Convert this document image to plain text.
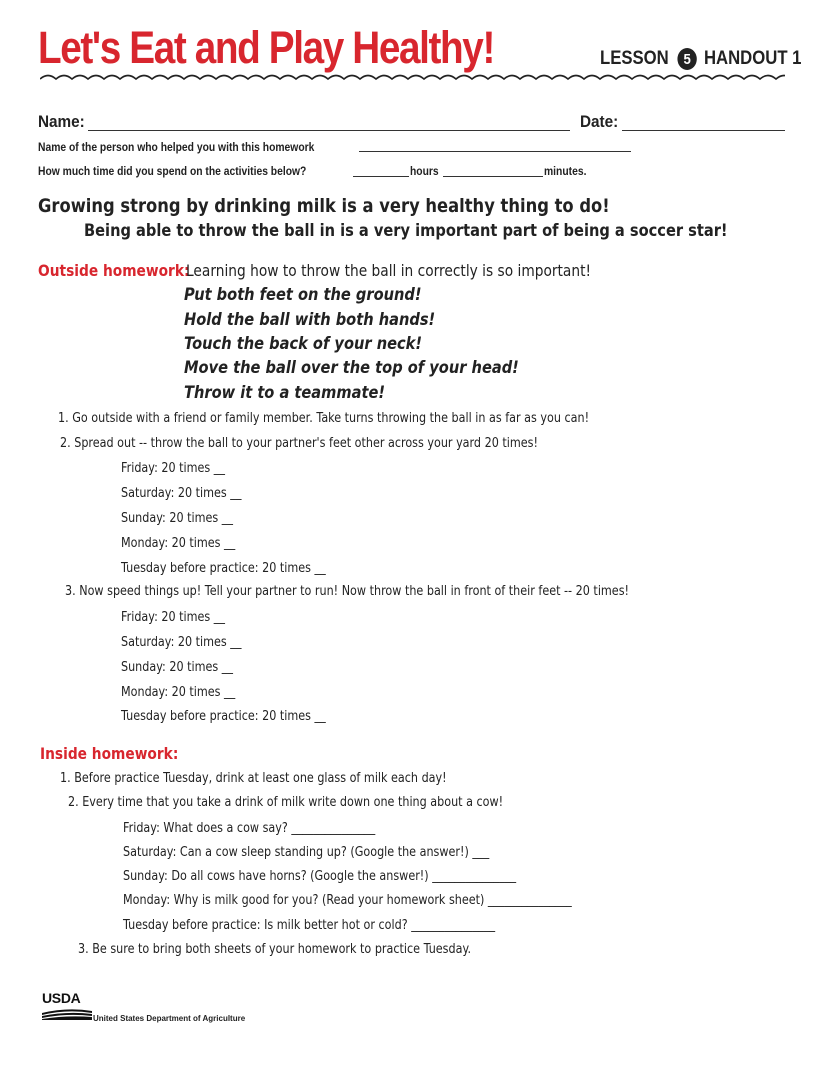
Let's Eat and Play Healthy!	LESSON 5 HANDOUT 1
Name:	Date:
Name of the person who helped you with this homework
How much time did you spend on the activities below?	hours	minutes.
Growing strong by drinking milk is a very healthy thing to do!
Being able to throw the ball in is a very important part of being a soccer star!
Outside homework:
Learning how to throw the ball in correctly is so important!
Put both feet on the ground!
Hold the ball with both hands!
Touch the back of your neck!
Move the ball over the top of your head!
Throw it to a teammate!
1. Go outside with a friend or family member. Take turns throwing the ball in as far as you can!
2. Spread out -- throw the ball to your partner's feet other across your yard 20 times!
Friday: 20 times __
Saturday: 20 times __
Sunday: 20 times __
Monday: 20 times __
Tuesday before practice: 20 times __
3. Now speed things up! Tell your partner to run! Now throw the ball in front of their feet -- 20 times!
Friday: 20 times __
Saturday: 20 times __
Sunday: 20 times __
Monday: 20 times __
Tuesday before practice: 20 times __
Inside homework:
1. Before practice Tuesday, drink at least one glass of milk each day!
2. Every time that you take a drink of milk write down one thing about a cow!
Friday: What does a cow say? _______________
Saturday: Can a cow sleep standing up? (Google the answer!) ___
Sunday: Do all cows have horns? (Google the answer!) _______________
Monday: Why is milk good for you? (Read your homework sheet) _______________
Tuesday before practice: Is milk better hot or cold? _______________
3. Be sure to bring both sheets of your homework to practice Tuesday.
USDA
United States Department of Agriculture
